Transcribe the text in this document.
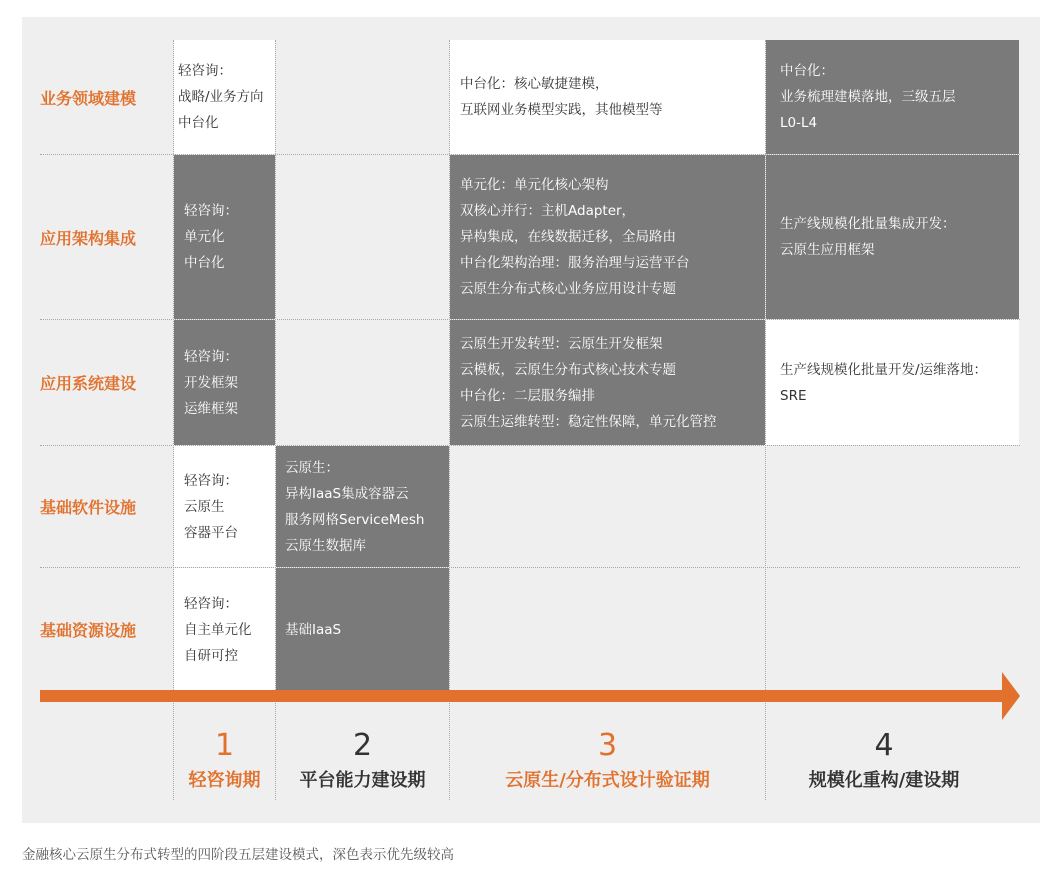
业务领域建模
应用架构集成
应用系统建设
基础软件设施
基础资源设施
轻咨询：
战略/业务方向
中台化
中台化：核心敏捷建模，
互联网业务模型实践，其他模型等
中台化：
业务梳理建模落地，三级五层
L0-L4
轻咨询：
单元化
中台化
单元化：单元化核心架构
双核心并行：主机Adapter，
异构集成，在线数据迁移，全局路由
中台化架构治理：服务治理与运营平台
云原生分布式核心业务应用设计专题
生产线规模化批量集成开发：
云原生应用框架
轻咨询：
开发框架
运维框架
云原生开发转型：云原生开发框架
云模板，云原生分布式核心技术专题
中台化：二层服务编排
云原生运维转型：稳定性保障，单元化管控
生产线规模化批量开发/运维落地：
SRE
轻咨询：
云原生
容器平台
云原生：
异构IaaS集成容器云
服务网格ServiceMesh
云原生数据库
轻咨询：
自主单元化
自研可控
基础IaaS
1
轻咨询期
2
平台能力建设期
3
云原生/分布式设计验证期
4
规模化重构/建设期
金融核心云原生分布式转型的四阶段五层建设模式，深色表示优先级较高
